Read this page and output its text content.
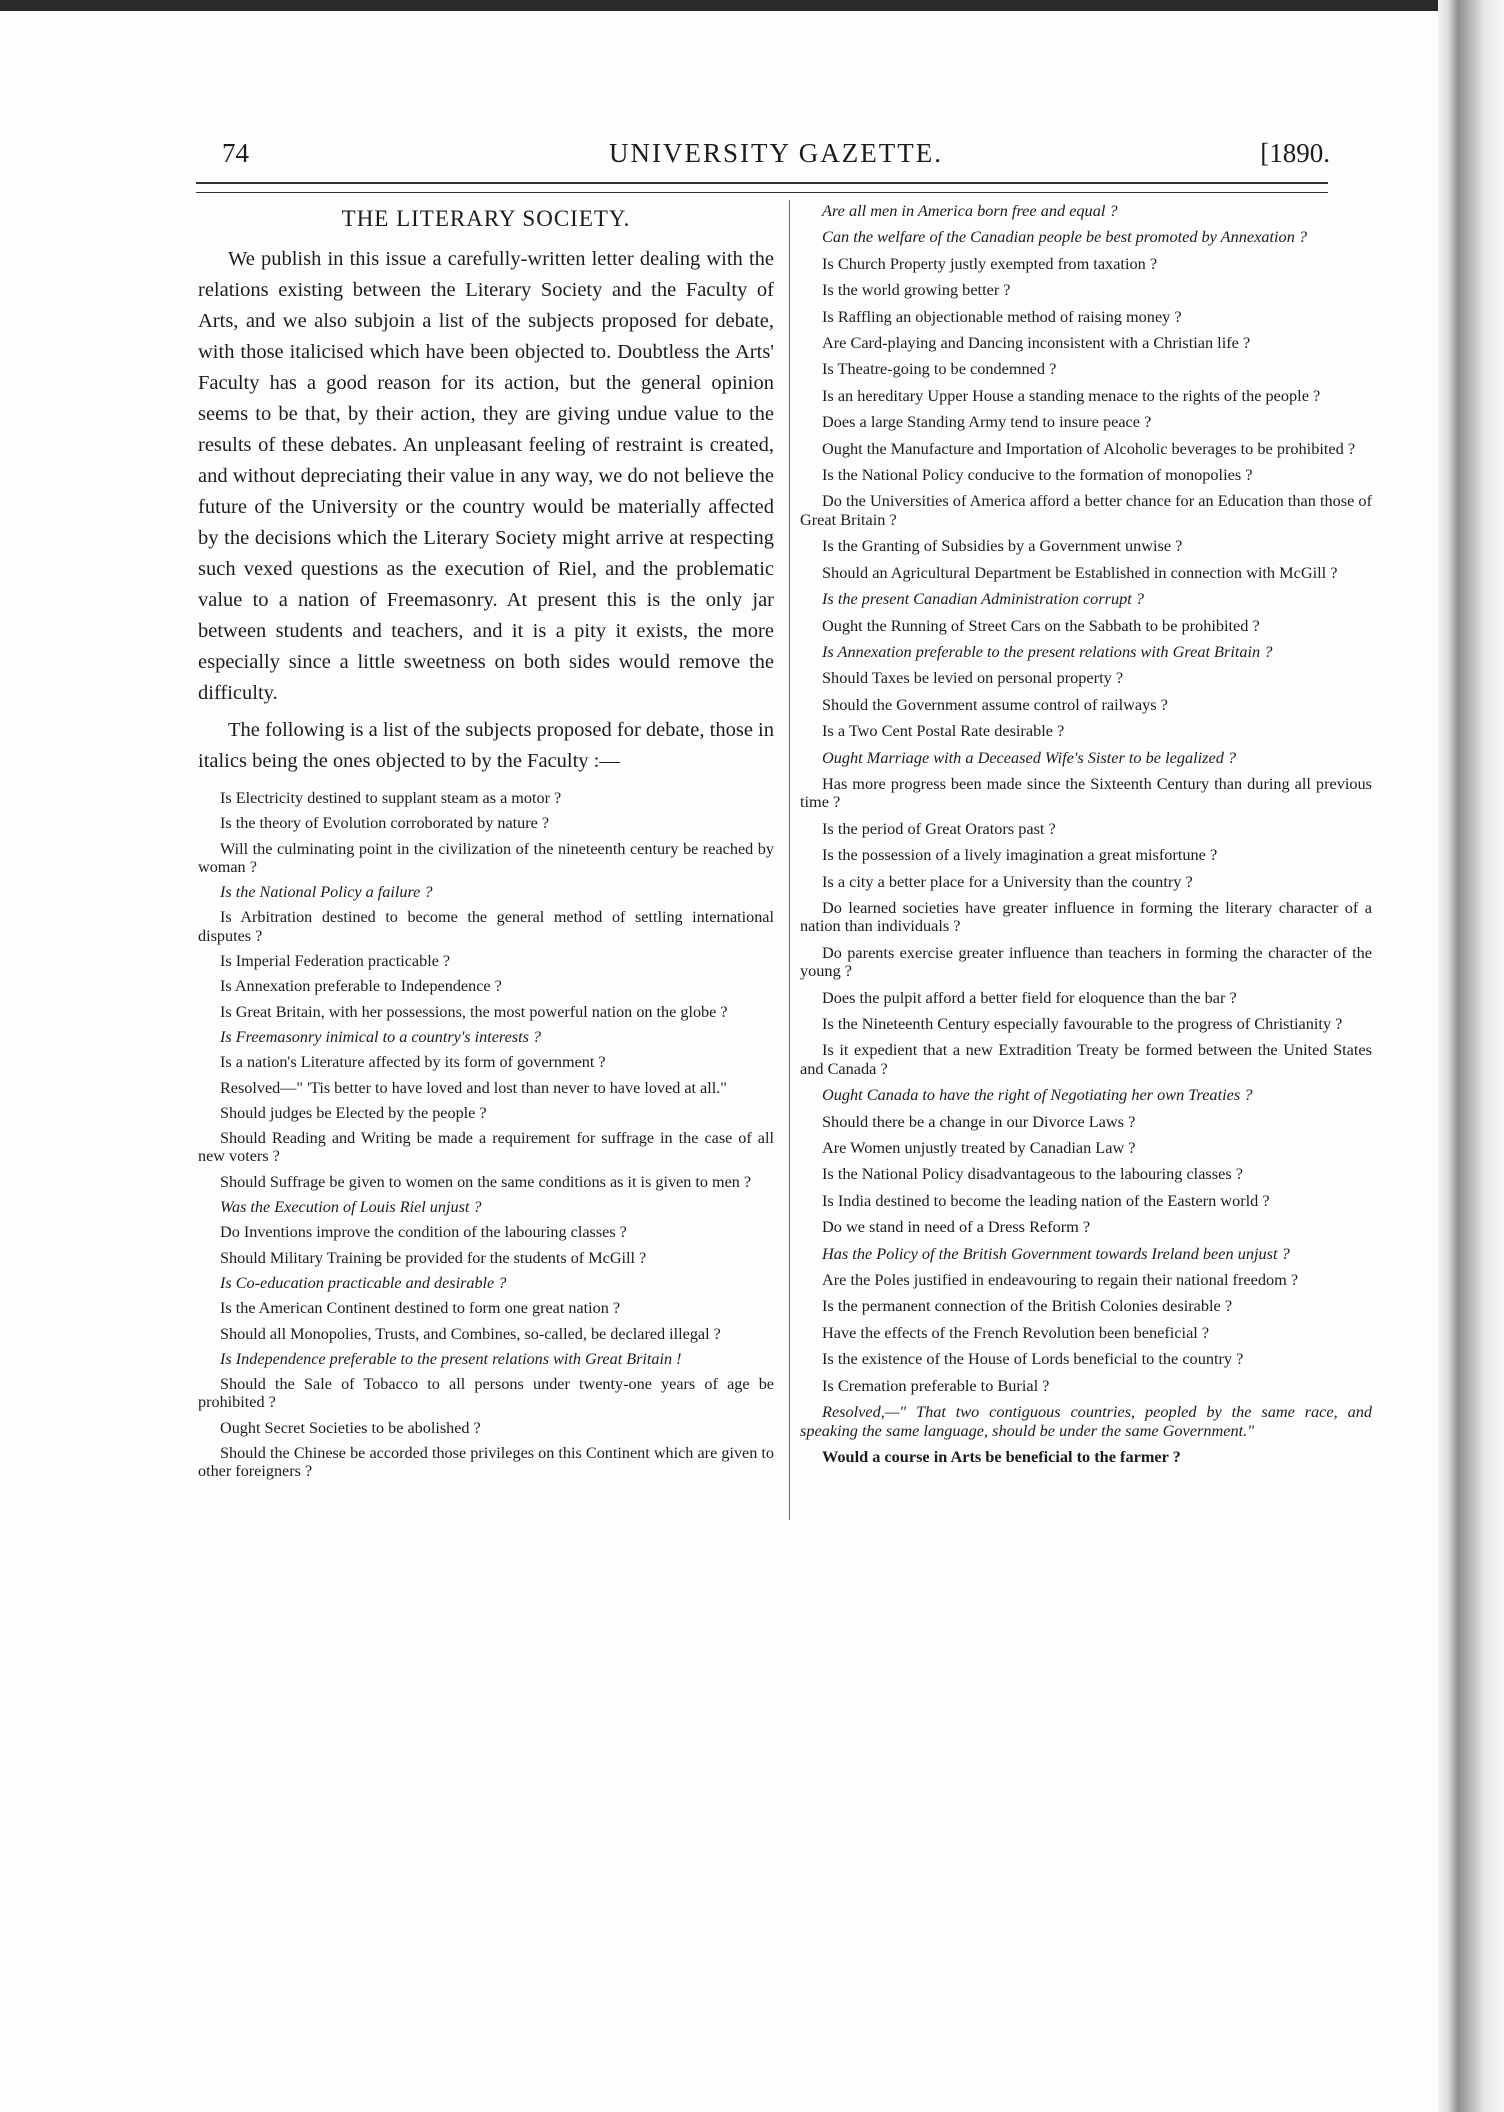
74	UNIVERSITY GAZETTE.	[1890.
THE LITERARY SOCIETY.

We publish in this issue a carefully-written letter dealing with the relations existing between the Literary Society and the Faculty of Arts, and we also subjoin a list of the subjects proposed for debate, with those italicised which have been objected to. Doubtless the Arts' Faculty has a good reason for its action, but the general opinion seems to be that, by their action, they are giving undue value to the results of these debates. An unpleasant feeling of restraint is created, and without depreciating their value in any way, we do not believe the future of the University or the country would be materially affected by the decisions which the Literary Society might arrive at respecting such vexed questions as the execution of Riel, and the problematic value to a nation of Freemasonry. At present this is the only jar between students and teachers, and it is a pity it exists, the more especially since a little sweetness on both sides would remove the difficulty.

The following is a list of the subjects proposed for debate, those in italics being the ones objected to by the Faculty :—

Is Electricity destined to supplant steam as a motor ?

Is the theory of Evolution corroborated by nature ?

Will the culminating point in the civilization of the nineteenth century be reached by woman ?

Is the National Policy a failure ?

Is Arbitration destined to become the general method of settling international disputes ?

Is Imperial Federation practicable ?

Is Annexation preferable to Independence ?

Is Great Britain, with her possessions, the most powerful nation on the globe ?

Is Freemasonry inimical to a country's interests ?

Is a nation's Literature affected by its form of government ?

Resolved—" 'Tis better to have loved and lost than never to have loved at all."

Should judges be Elected by the people ?

Should Reading and Writing be made a requirement for suffrage in the case of all new voters ?

Should Suffrage be given to women on the same conditions as it is given to men ?

Was the Execution of Louis Riel unjust ?

Do Inventions improve the condition of the labouring classes ?

Should Military Training be provided for the students of McGill ?

Is Co-education practicable and desirable ?

Is the American Continent destined to form one great nation ?

Should all Monopolies, Trusts, and Combines, so-called, be declared illegal ?

Is Independence preferable to the present relations with Great Britain !

Should the Sale of Tobacco to all persons under twenty-one years of age be prohibited ?

Ought Secret Societies to be abolished ?

Should the Chinese be accorded those privileges on this Continent which are given to other foreigners ?

Are all men in America born free and equal ?

Can the welfare of the Canadian people be best promoted by Annexation ?

Is Church Property justly exempted from taxation ?

Is the world growing better ?

Is Raffling an objectionable method of raising money ?

Are Card-playing and Dancing inconsistent with a Christian life ?

Is Theatre-going to be condemned ?

Is an hereditary Upper House a standing menace to the rights of the people ?

Does a large Standing Army tend to insure peace ?

Ought the Manufacture and Importation of Alcoholic beverages to be prohibited ?

Is the National Policy conducive to the formation of monopolies ?

Do the Universities of America afford a better chance for an Education than those of Great Britain ?

Is the Granting of Subsidies by a Government unwise ?

Should an Agricultural Department be Established in connection with McGill ?

Is the present Canadian Administration corrupt ?

Ought the Running of Street Cars on the Sabbath to be prohibited ?

Is Annexation preferable to the present relations with Great Britain ?

Should Taxes be levied on personal property ?

Should the Government assume control of railways ?

Is a Two Cent Postal Rate desirable ?

Ought Marriage with a Deceased Wife's Sister to be legalized ?

Has more progress been made since the Sixteenth Century than during all previous time ?

Is the period of Great Orators past ?

Is the possession of a lively imagination a great misfortune ?

Is a city a better place for a University than the country ?

Do learned societies have greater influence in forming the literary character of a nation than individuals ?

Do parents exercise greater influence than teachers in forming the character of the young ?

Does the pulpit afford a better field for eloquence than the bar ?

Is the Nineteenth Century especially favourable to the progress of Christianity ?

Is it expedient that a new Extradition Treaty be formed between the United States and Canada ?

Ought Canada to have the right of Negotiating her own Treaties ?

Should there be a change in our Divorce Laws ?

Are Women unjustly treated by Canadian Law ?

Is the National Policy disadvantageous to the labouring classes ?

Is India destined to become the leading nation of the Eastern world ?

Do we stand in need of a Dress Reform ?

Has the Policy of the British Government towards Ireland been unjust ?

Are the Poles justified in endeavouring to regain their national freedom ?

Is the permanent connection of the British Colonies desirable ?

Have the effects of the French Revolution been beneficial ?

Is the existence of the House of Lords beneficial to the country ?

Is Cremation preferable to Burial ?

Resolved,—" That two contiguous countries, peopled by the same race, and speaking the same language, should be under the same Government."

Would a course in Arts be beneficial to the farmer ?
